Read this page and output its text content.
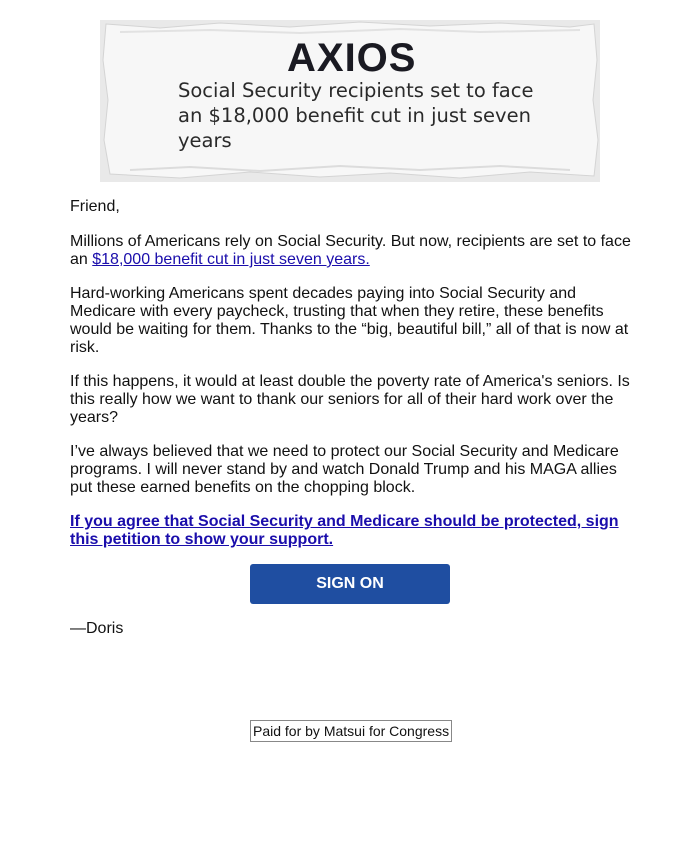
AXIOS
Social Security recipients set to face an $18,000 benefit cut in just seven years

Friend,

Millions of Americans rely on Social Security. But now, recipients are set to face an $18,000 benefit cut in just seven years.

Hard-working Americans spent decades paying into Social Security and Medicare with every paycheck, trusting that when they retire, these benefits would be waiting for them. Thanks to the “big, beautiful bill,” all of that is now at risk.

If this happens, it would at least double the poverty rate of America's seniors. Is this really how we want to thank our seniors for all of their hard work over the years?

I’ve always believed that we need to protect our Social Security and Medicare programs. I will never stand by and watch Donald Trump and his MAGA allies put these earned benefits on the chopping block.

If you agree that Social Security and Medicare should be protected, sign this petition to show your support.

SIGN ON
—Doris
Paid for by Matsui for Congress
